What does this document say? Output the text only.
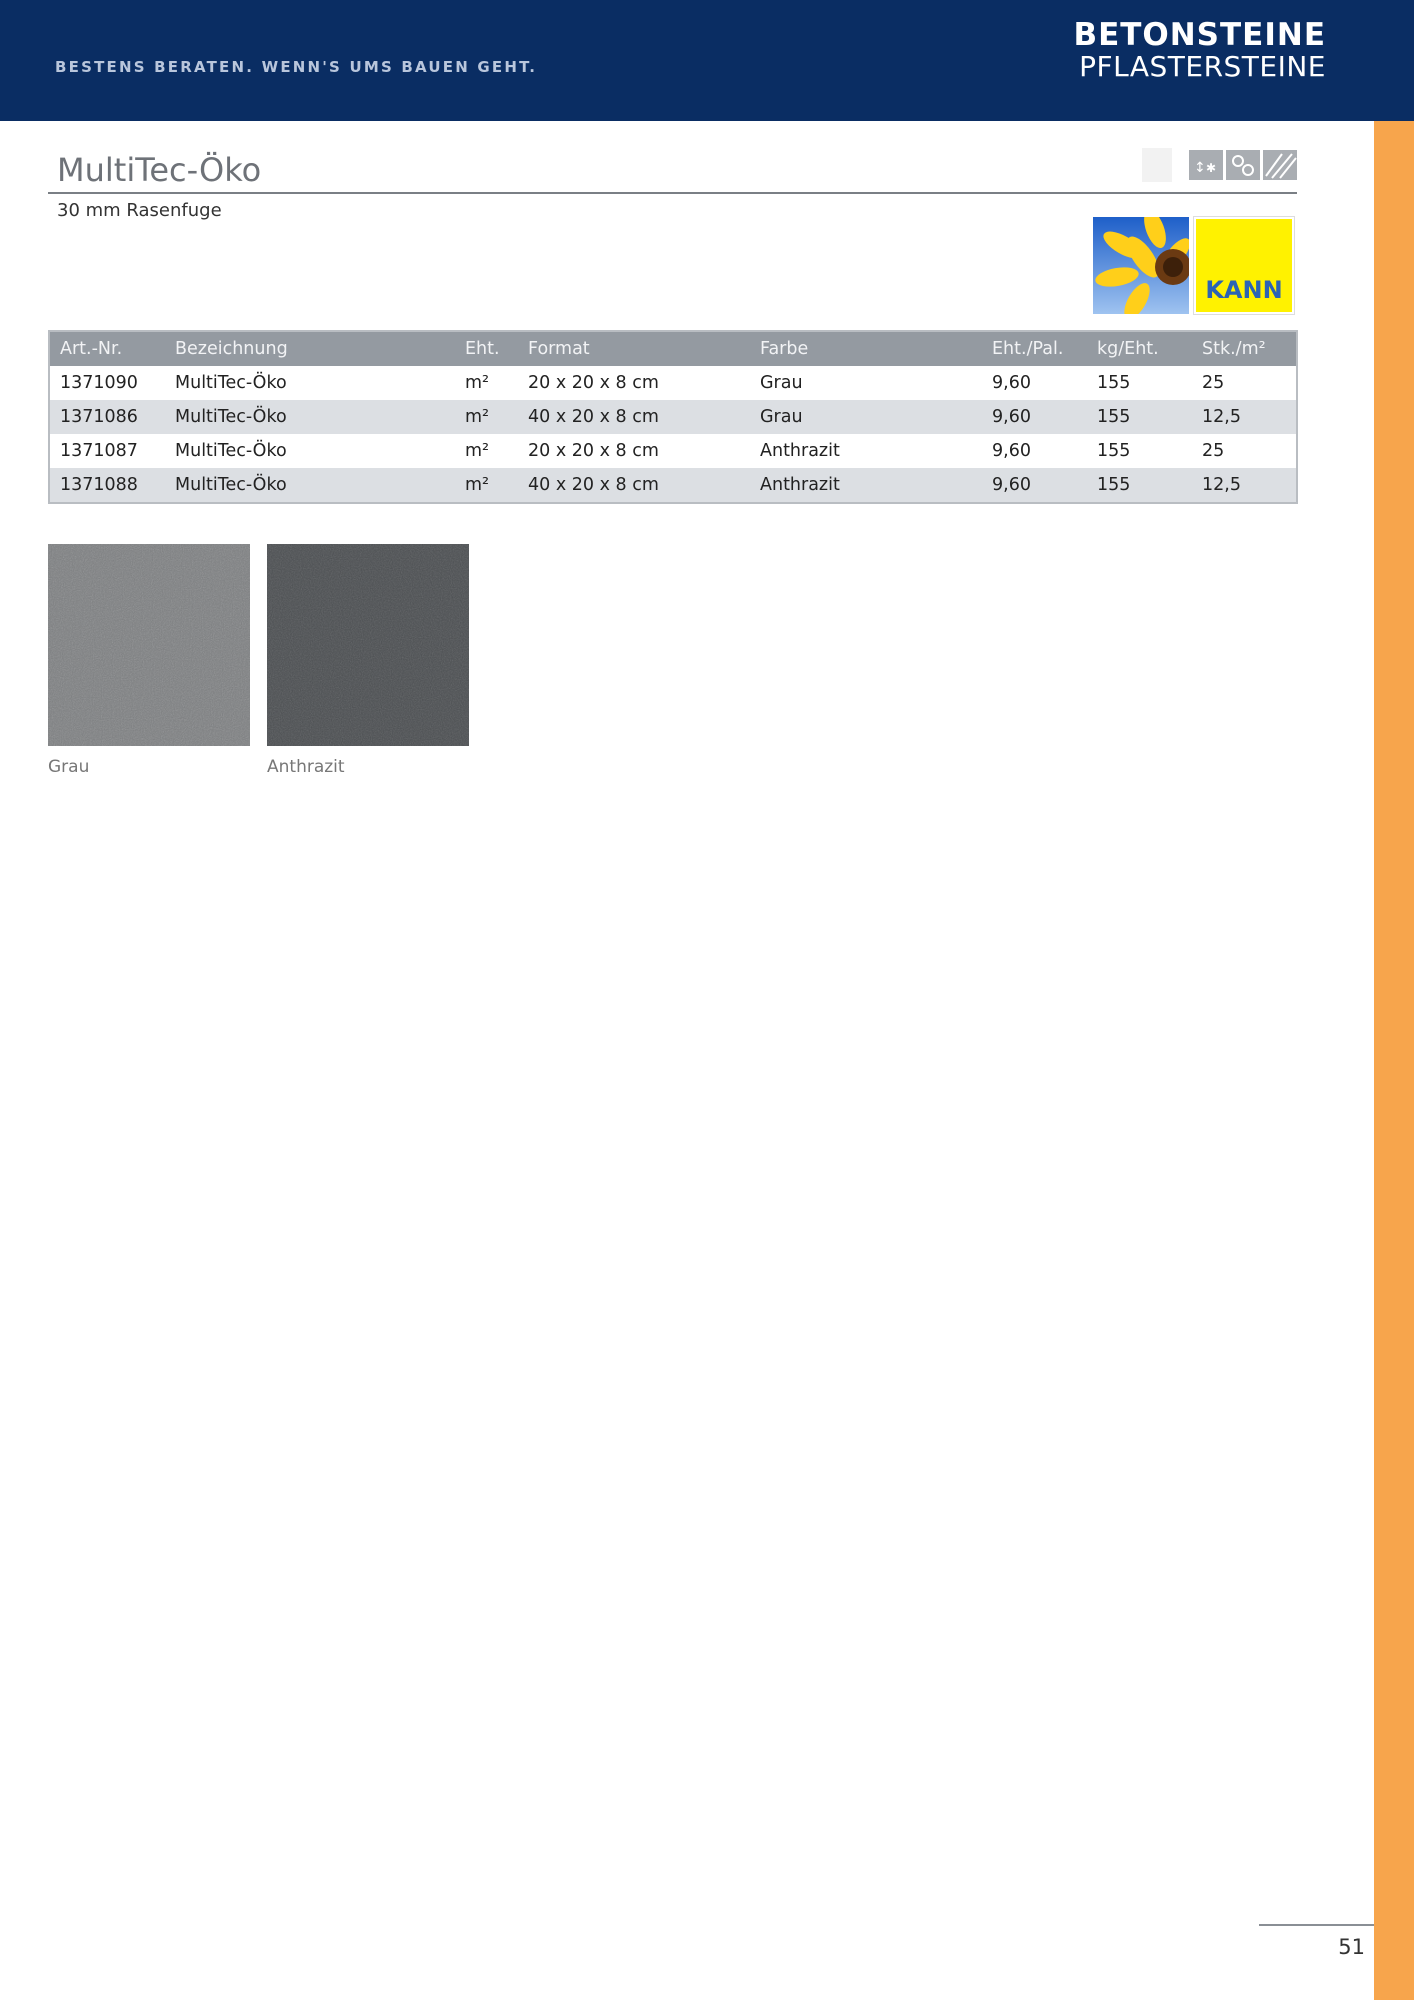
BESTENS BERATEN. WENN'S UMS BAUEN GEHT.
BETONSTEINE
PFLASTERSTEINE
MultiTec-Öko
30 mm Rasenfuge
↕ ✱
KANN
Art.-Nr.	Bezeichnung	Eht.	Format	Farbe	Eht./Pal.	kg/Eht.	Stk./m²
1371090	MultiTec-Öko	m²	20 x 20 x 8 cm	Grau	9,60	155	25
1371086	MultiTec-Öko	m²	40 x 20 x 8 cm	Grau	9,60	155	12,5
1371087	MultiTec-Öko	m²	20 x 20 x 8 cm	Anthrazit	9,60	155	25
1371088	MultiTec-Öko	m²	40 x 20 x 8 cm	Anthrazit	9,60	155	12,5
Grau	Anthrazit
51
